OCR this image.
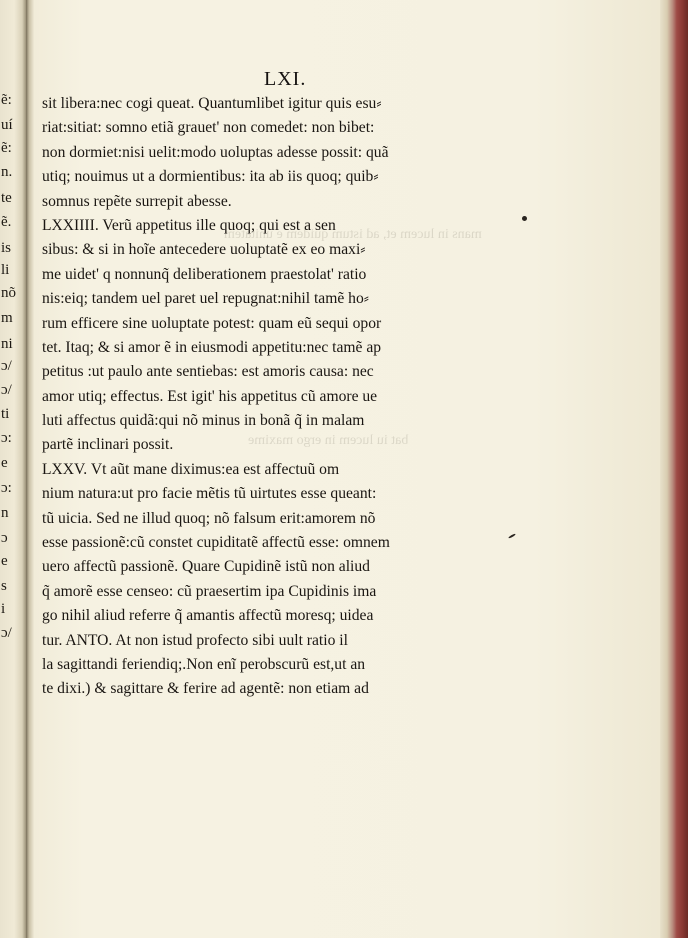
ẽ:
uí
ẽ:
n.
te
ẽ.
is
li
nõ
m
ni
ɔ/
ɔ/
ti
ɔ:
e
ɔ:
n
ɔ
e
s
i
ɔ/
mans in lucem et, ad istum quidem e unitatem
bat iu lucem in ergo maxime
LXI.
sit libera:nec cogi queat. Quantumlibet igitur quis esu⸗
riat:sitiat: somno etiã grauet' non comedet: non bibet:
non dormiet:nisi uelit:modo uoluptas adesse possit: quã
utiq; nouimus ut a dormientibus: ita ab iis quoq; quib⸗
somnus repẽte surrepit abesse.
LXXIIII. Verũ appetitus ille quoq; qui est a sen
sibus: & si in hoĩe antecedere uoluptatẽ ex eo maxi⸗
me uidet' q nonnunq̃ deliberationem praestolat' ratio
nis:eiq; tandem uel paret uel repugnat:nihil tamẽ ho⸗
rum efficere sine uoluptate potest: quam eũ sequi opor
tet. Itaq; & si amor ẽ in eiusmodi appetitu:nec tamẽ ap
petitus :ut paulo ante sentiebas: est amoris causa: nec
amor utiq; effectus. Est igit' his appetitus cũ amore ue
luti affectus quidã:qui nõ minus in bonã q̃ in malam
partẽ inclinari possit.
LXXV. Vt aũt mane diximus:ea est affectuũ om
nium natura:ut pro facie mẽtis tũ uirtutes esse queant:
tũ uicia. Sed ne illud quoq; nõ falsum erit:amorem nõ
esse passionẽ:cũ constet cupiditatẽ affectũ esse: omnem
uero affectũ passionẽ. Quare Cupidinẽ istũ non aliud
q̃ amorẽ esse censeo: cũ praesertim ipa Cupidinis ima
go nihil aliud referre q̃ amantis affectũ moresq; uidea
tur. ANTO. At non istud profecto sibi uult ratio il
la sagittandi feriendiq;.Non enĩ perobscurũ est,ut an
te dixi.) & sagittare & ferire ad agentẽ: non etiam ad
